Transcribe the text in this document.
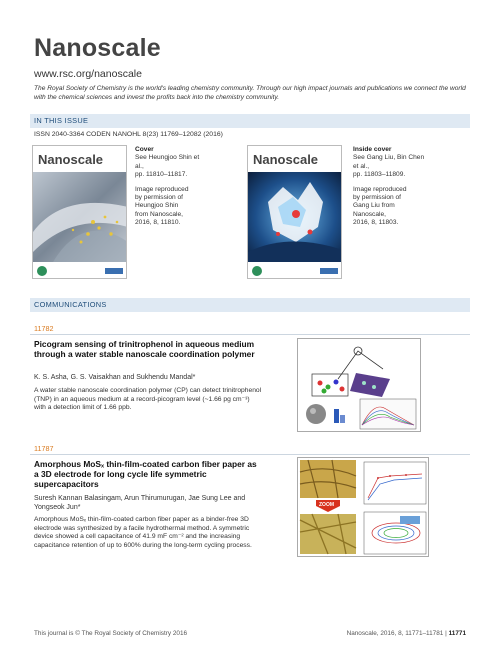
Nanoscale
www.rsc.org/nanoscale
The Royal Society of Chemistry is the world's leading chemistry community. Through our high impact journals and publications we connect the world with the chemical sciences and invest the profits back into the chemistry community.
IN THIS ISSUE
ISSN 2040-3364 CODEN NANOHL 8(23) 11769–12082 (2016)
Nanoscale
Cover
See Heungjoo Shin et al.,
pp. 11810–11817.
Image reproduced
by permission of
Heungjoo Shin
from Nanoscale,
2016, 8, 11810.
Nanoscale
Inside cover
See Gang Liu, Bin Chen et al.,
pp. 11803–11809.
Image reproduced
by permission of
Gang Liu from
Nanoscale,
2016, 8, 11803.
COMMUNICATIONS
11782
Picogram sensing of trinitrophenol in aqueous medium through a water stable nanoscale coordination polymer
K. S. Asha, G. S. Vaisakhan and Sukhendu Mandal*
A water stable nanoscale coordination polymer (CP) can detect trinitrophenol (TNP) in an aqueous medium at a record-picogram level (~1.66 pg cm⁻³) with a detection limit of 1.66 ppb.
11787
Amorphous MoSₓ thin-film-coated carbon fiber paper as a 3D electrode for long cycle life symmetric supercapacitors
Suresh Kannan Balasingam, Arun Thirumurugan, Jae Sung Lee and Yongseok Jun*
Amorphous MoSₓ thin-film-coated carbon fiber paper as a binder-free 3D electrode was synthesized by a facile hydrothermal method. A symmetric device showed a cell capacitance of 41.9 mF cm⁻² and the increasing capacitance retention of up to 600% during the long-term cycling process.
ZOOM
This journal is © The Royal Society of Chemistry 2016	Nanoscale, 2016, 8, 11771–11781 | 11771
